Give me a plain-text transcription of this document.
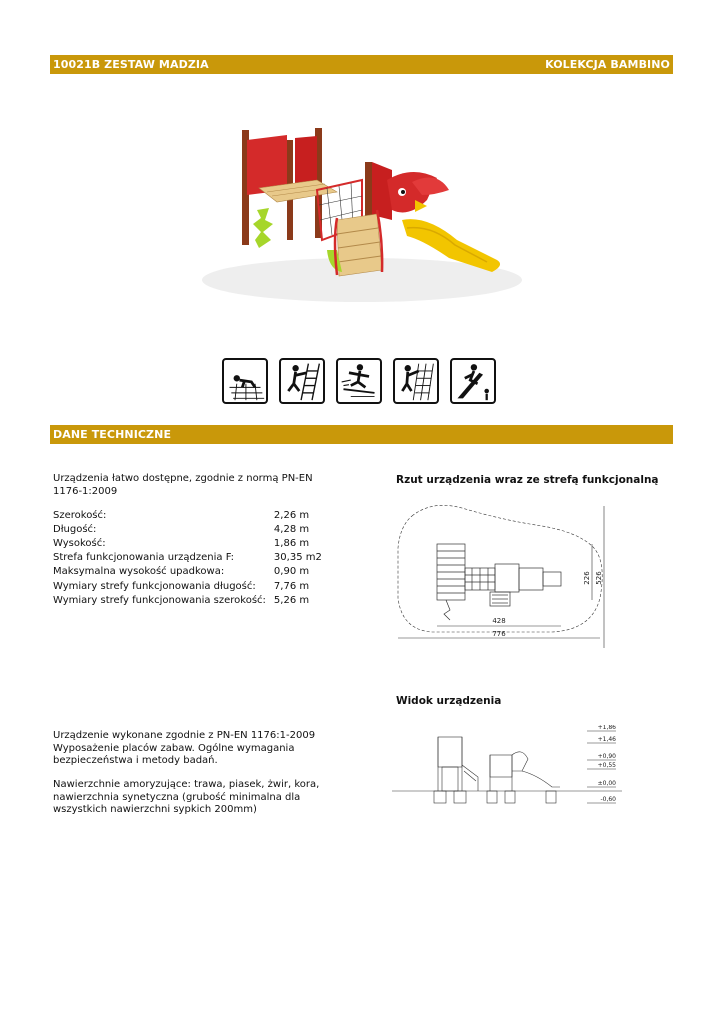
10021B ZESTAW MADZIA	KOLEKCJA BAMBINO
DANE TECHNICZNE
Urządzenia łatwo dostępne, zgodnie z normą PN-EN 1176-1:2009
Szerokość:	2,26 m
Długość:	4,28 m
Wysokość:	1,86 m
Strefa funkcjonowania urządzenia F:	30,35 m2
Maksymalna wysokość upadkowa:	0,90 m
Wymiary strefy funkcjonowania długość:	7,76 m
Wymiary strefy funkcjonowania szerokość:	5,26 m
Urządzenie wykonane zgodnie z PN-EN 1176:1-2009
Wyposażenie placów zabaw. Ogólne wymagania bezpieczeństwa i metody badań.
Nawierzchnie amoryzujące: trawa, piasek, żwir, kora, nawierzchnia synetyczna (grubość minimalna dla wszystkich nawierzchni sypkich 200mm)
Rzut urządzenia wraz ze strefą funkcjonalną
428
776
226 526
Widok urządzenia
+1,86
+1,46
+0,90
+0,55
±0,00
-0,60
